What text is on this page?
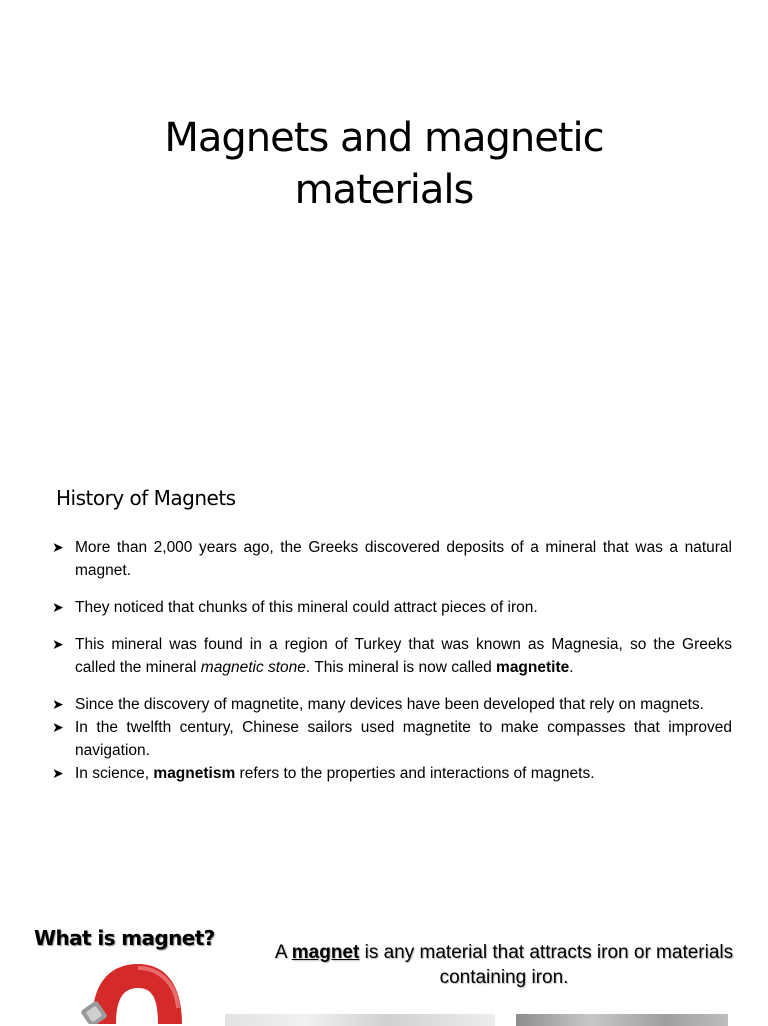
Magnets and magnetic
materials
History of Magnets
➤ More than 2,000 years ago, the Greeks discovered deposits of a mineral that was a natural magnet.
➤ They noticed that chunks of this mineral could attract pieces of iron.
➤ This mineral was found in a region of Turkey that was known as Magnesia, so the Greeks called the mineral magnetic stone. This mineral is now called magnetite.
➤ Since the discovery of magnetite, many devices have been developed that rely on magnets.
➤ In the twelfth century, Chinese sailors used magnetite to make compasses that improved navigation.
➤ In science, magnetism refers to the properties and interactions of magnets.
What is magnet?

A magnet is any material that attracts iron or materials containing iron.
